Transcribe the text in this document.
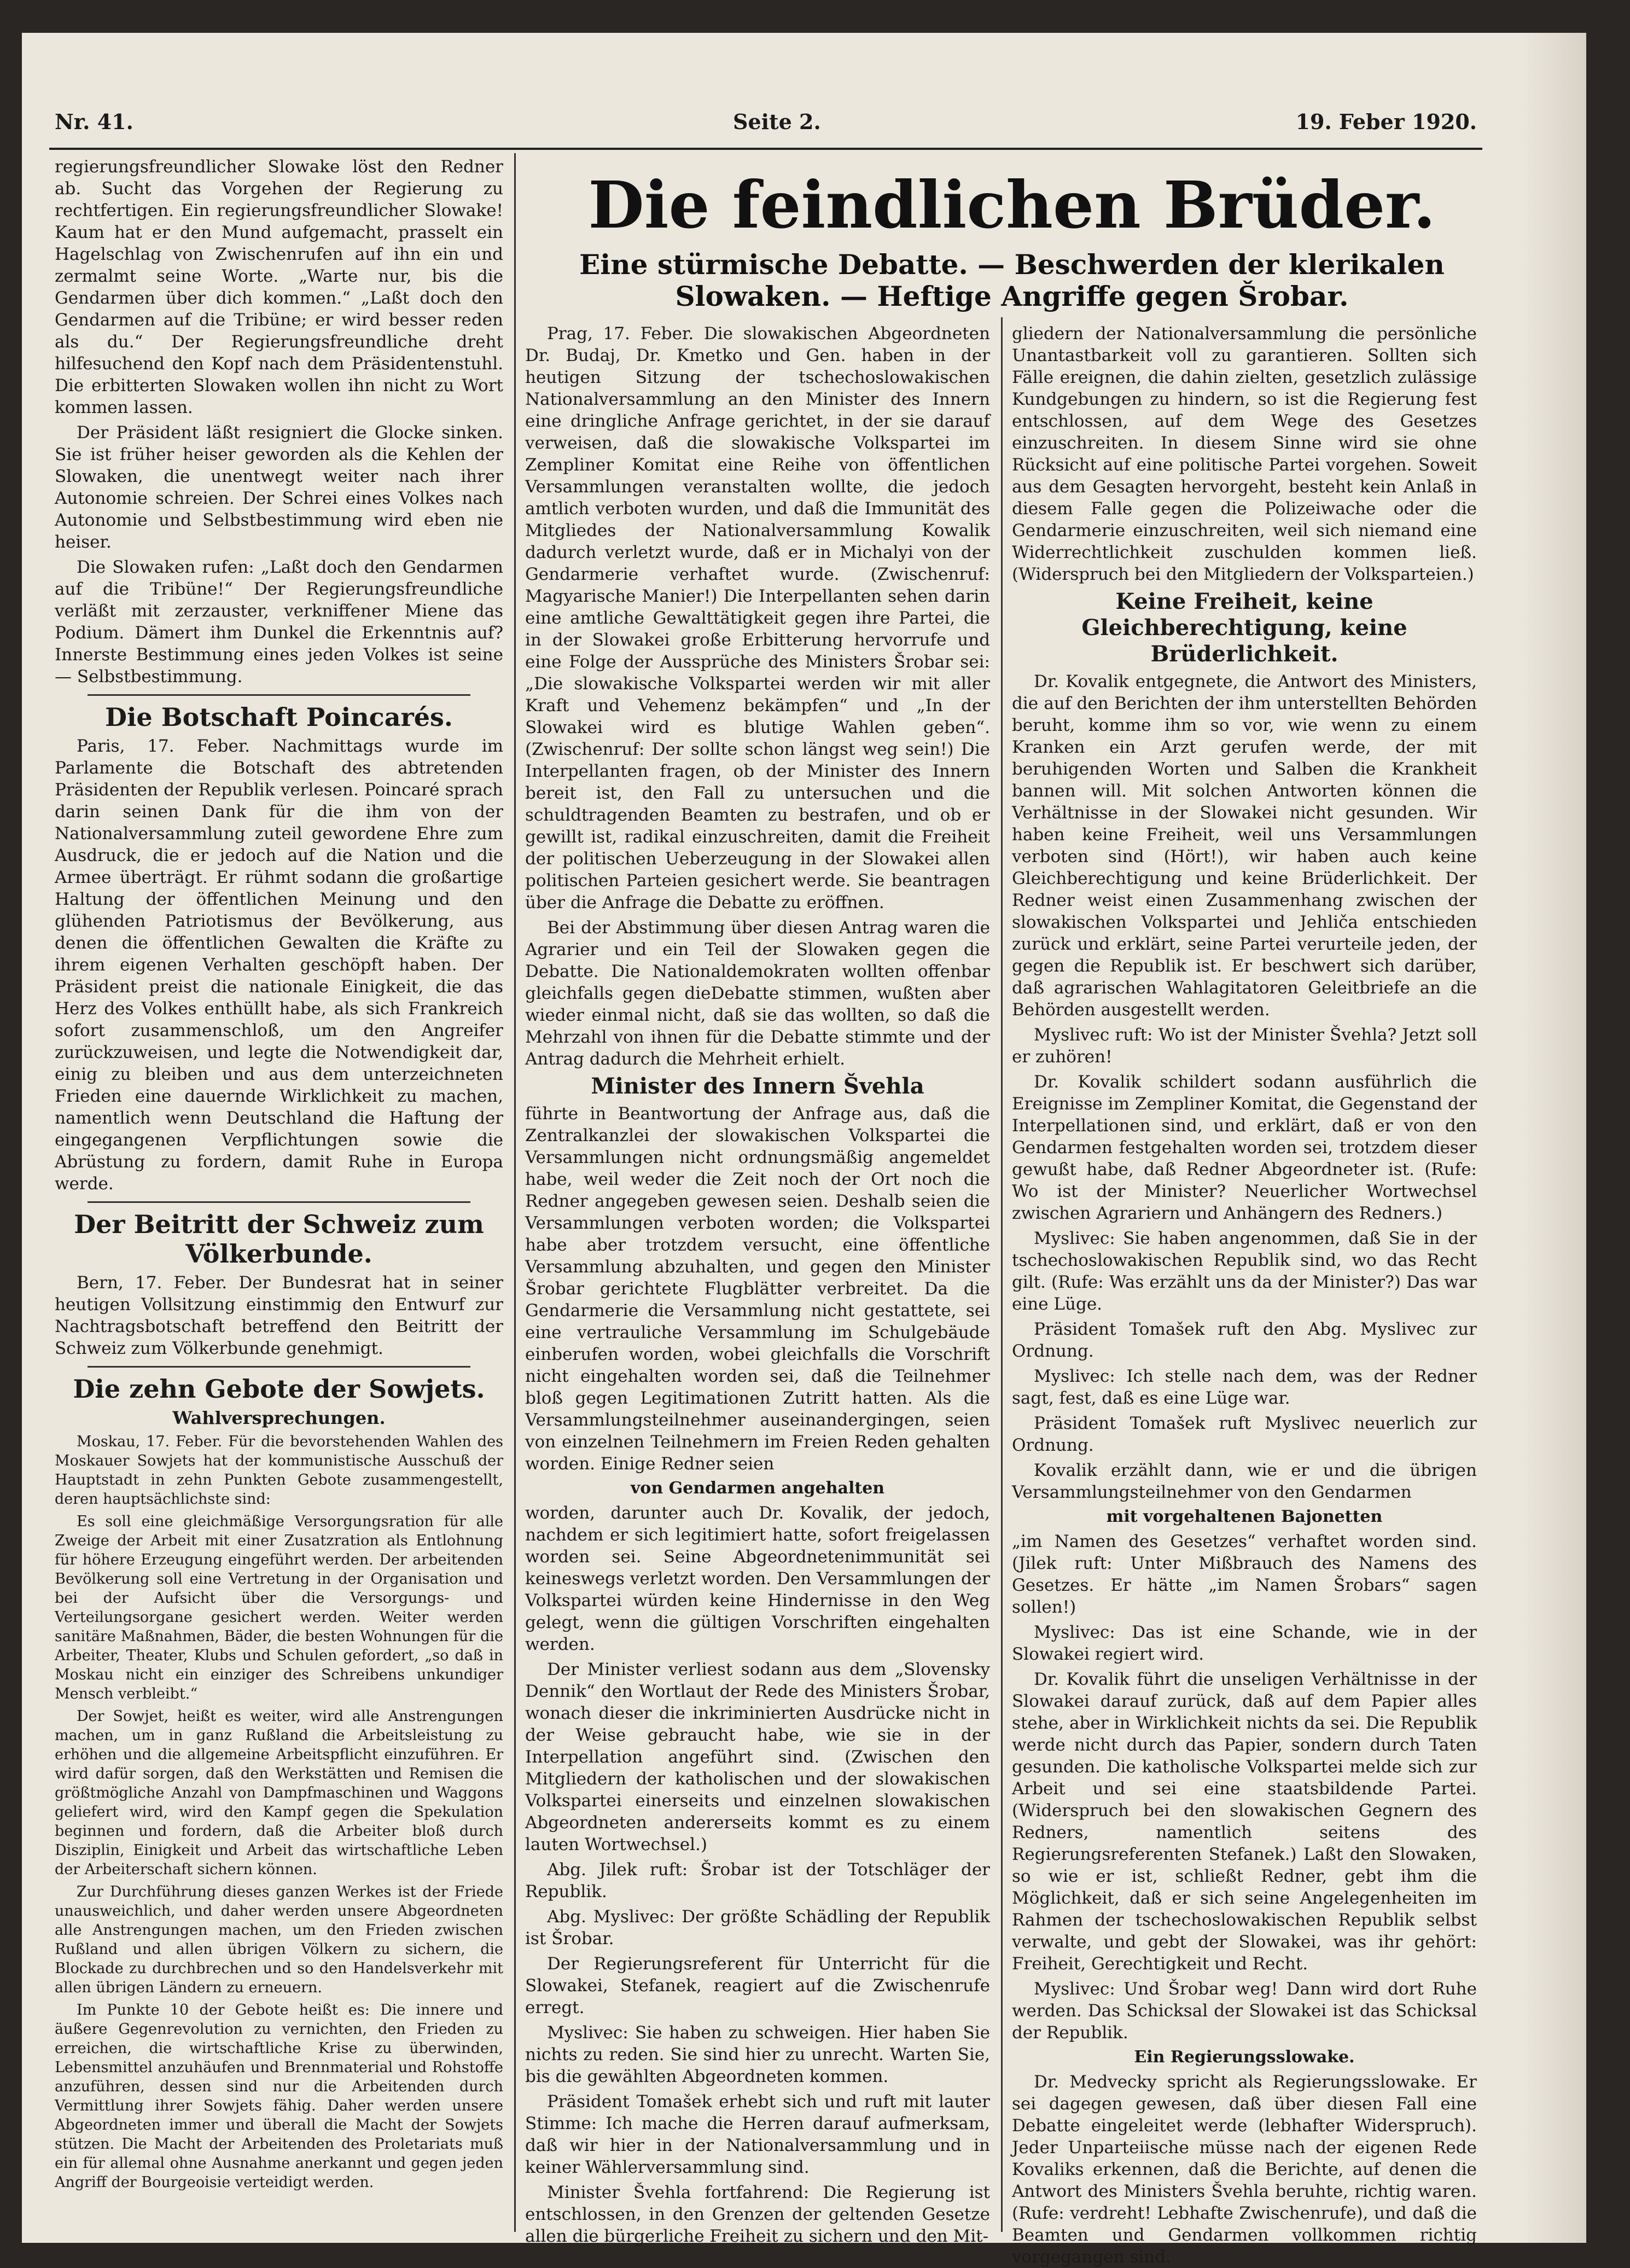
Nr. 41.	Seite 2.	19. Feber 1920.
Die feindlichen Brüder.
Eine stürmische Debatte. — Beschwerden der klerikalen Slowaken. — Heftige Angriffe gegen Šrobar.

regierungsfreundlicher Slowake löst den Redner ab. Sucht das Vorgehen der Regierung zu rechtfertigen. Ein regierungsfreundlicher Slowake! Kaum hat er den Mund aufgemacht, prasselt ein Hagelschlag von Zwischenrufen auf ihn ein und zermalmt seine Worte. „Warte nur, bis die Gendarmen über dich kommen.“ „Laßt doch den Gendarmen auf die Tribüne; er wird besser reden als du.“ Der Regierungsfreundliche dreht hilfesuchend den Kopf nach dem Präsidentenstuhl. Die erbitterten Slowaken wollen ihn nicht zu Wort kommen lassen.

Der Präsident läßt resigniert die Glocke sinken. Sie ist früher heiser geworden als die Kehlen der Slowaken, die unentwegt weiter nach ihrer Autonomie schreien. Der Schrei eines Volkes nach Autonomie und Selbstbestimmung wird eben nie heiser.

Die Slowaken rufen: „Laßt doch den Gendarmen auf die Tribüne!“ Der Regierungsfreundliche verläßt mit zerzauster, verkniffener Miene das Podium. Dämert ihm Dunkel die Erkenntnis auf? Innerste Bestimmung eines jeden Volkes ist seine — Selbstbestimmung.

Die Botschaft Poincarés.

Paris, 17. Feber. Nachmittags wurde im Parlamente die Botschaft des abtretenden Präsidenten der Republik verlesen. Poincaré sprach darin seinen Dank für die ihm von der Nationalversammlung zuteil gewordene Ehre zum Ausdruck, die er jedoch auf die Nation und die Armee überträgt. Er rühmt sodann die großartige Haltung der öffentlichen Meinung und den glühenden Patriotismus der Bevölkerung, aus denen die öffentlichen Gewalten die Kräfte zu ihrem eigenen Verhalten geschöpft haben. Der Präsident preist die nationale Einigkeit, die das Herz des Volkes enthüllt habe, als sich Frankreich sofort zusammenschloß, um den Angreifer zurückzuweisen, und legte die Notwendigkeit dar, einig zu bleiben und aus dem unterzeichneten Frieden eine dauernde Wirklichkeit zu machen, namentlich wenn Deutschland die Haftung der eingegangenen Verpflichtungen sowie die Abrüstung zu fordern, damit Ruhe in Europa werde.

Der Beitritt der Schweiz zum Völkerbunde.

Bern, 17. Feber. Der Bundesrat hat in seiner heutigen Vollsitzung einstimmig den Entwurf zur Nachtragsbotschaft betreffend den Beitritt der Schweiz zum Völkerbunde genehmigt.

Die zehn Gebote der Sowjets.

Wahlversprechungen.

Moskau, 17. Feber. Für die bevorstehenden Wahlen des Moskauer Sowjets hat der kommunistische Ausschuß der Hauptstadt in zehn Punkten Gebote zusammengestellt, deren hauptsächlichste sind:

Es soll eine gleichmäßige Versorgungsration für alle Zweige der Arbeit mit einer Zusatzration als Entlohnung für höhere Erzeugung eingeführt werden. Der arbeitenden Bevölkerung soll eine Vertretung in der Organisation und bei der Aufsicht über die Versorgungs- und Verteilungsorgane gesichert werden. Weiter werden sanitäre Maßnahmen, Bäder, die besten Wohnungen für die Arbeiter, Theater, Klubs und Schulen gefordert, „so daß in Moskau nicht ein einziger des Schreibens unkundiger Mensch verbleibt.“

Der Sowjet, heißt es weiter, wird alle Anstrengungen machen, um in ganz Rußland die Arbeitsleistung zu erhöhen und die allgemeine Arbeitspflicht einzuführen. Er wird dafür sorgen, daß den Werkstätten und Remisen die größtmögliche Anzahl von Dampfmaschinen und Waggons geliefert wird, wird den Kampf gegen die Spekulation beginnen und fordern, daß die Arbeiter bloß durch Disziplin, Einigkeit und Arbeit das wirtschaftliche Leben der Arbeiterschaft sichern können.

Zur Durchführung dieses ganzen Werkes ist der Friede unausweichlich, und daher werden unsere Abgeordneten alle Anstrengungen machen, um den Frieden zwischen Rußland und allen übrigen Völkern zu sichern, die Blockade zu durchbrechen und so den Handelsverkehr mit allen übrigen Ländern zu erneuern.

Im Punkte 10 der Gebote heißt es: Die innere und äußere Gegenrevolution zu vernichten, den Frieden zu erreichen, die wirtschaftliche Krise zu überwinden, Lebensmittel anzuhäufen und Brennmaterial und Rohstoffe anzuführen, dessen sind nur die Arbeitenden durch Vermittlung ihrer Sowjets fähig. Daher werden unsere Abgeordneten immer und überall die Macht der Sowjets stützen. Die Macht der Arbeitenden des Proletariats muß ein für allemal ohne Ausnahme anerkannt und gegen jeden Angriff der Bourgeoisie verteidigt werden.

Prag, 17. Feber. Die slowakischen Abgeordneten Dr. Budaj, Dr. Kmetko und Gen. haben in der heutigen Sitzung der tschechoslowakischen Nationalversammlung an den Minister des Innern eine dringliche Anfrage gerichtet, in der sie darauf verweisen, daß die slowakische Volkspartei im Zempliner Komitat eine Reihe von öffentlichen Versammlungen veranstalten wollte, die jedoch amtlich verboten wurden, und daß die Immunität des Mitgliedes der Nationalversammlung Kowalik dadurch verletzt wurde, daß er in Michalyi von der Gendarmerie verhaftet wurde. (Zwischenruf: Magyarische Manier!) Die Interpellanten sehen darin eine amtliche Gewalttätigkeit gegen ihre Partei, die in der Slowakei große Erbitterung hervorrufe und eine Folge der Aussprüche des Ministers Šrobar sei: „Die slowakische Volkspartei werden wir mit aller Kraft und Vehemenz bekämpfen“ und „In der Slowakei wird es blutige Wahlen geben“. (Zwischenruf: Der sollte schon längst weg sein!) Die Interpellanten fragen, ob der Minister des Innern bereit ist, den Fall zu untersuchen und die schuldtragenden Beamten zu bestrafen, und ob er gewillt ist, radikal einzuschreiten, damit die Freiheit der politischen Ueberzeugung in der Slowakei allen politischen Parteien gesichert werde. Sie beantragen über die Anfrage die Debatte zu eröffnen.

Bei der Abstimmung über diesen Antrag waren die Agrarier und ein Teil der Slowaken gegen die Debatte. Die Nationaldemokraten wollten offenbar gleichfalls gegen dieDebatte stimmen, wußten aber wieder einmal nicht, daß sie das wollten, so daß die Mehrzahl von ihnen für die Debatte stimmte und der Antrag dadurch die Mehrheit erhielt.

Minister des Innern Švehla

führte in Beantwortung der Anfrage aus, daß die Zentralkanzlei der slowakischen Volkspartei die Versammlungen nicht ordnungsmäßig angemeldet habe, weil weder die Zeit noch der Ort noch die Redner angegeben gewesen seien. Deshalb seien die Versammlungen verboten worden; die Volkspartei habe aber trotzdem versucht, eine öffentliche Versammlung abzuhalten, und gegen den Minister Šrobar gerichtete Flugblätter verbreitet. Da die Gendarmerie die Versammlung nicht gestattete, sei eine vertrauliche Versammlung im Schulgebäude einberufen worden, wobei gleichfalls die Vorschrift nicht eingehalten worden sei, daß die Teilnehmer bloß gegen Legitimationen Zutritt hatten. Als die Versammlungsteilnehmer auseinandergingen, seien von einzelnen Teilnehmern im Freien Reden gehalten worden. Einige Redner seien

von Gendarmen angehalten

worden, darunter auch Dr. Kovalik, der jedoch, nachdem er sich legitimiert hatte, sofort freigelassen worden sei. Seine Abgeordnetenimmunität sei keineswegs verletzt worden. Den Versammlungen der Volkspartei würden keine Hindernisse in den Weg gelegt, wenn die gültigen Vorschriften eingehalten werden.

Der Minister verliest sodann aus dem „Slovensky Dennik“ den Wortlaut der Rede des Ministers Šrobar, wonach dieser die inkriminierten Ausdrücke nicht in der Weise gebraucht habe, wie sie in der Interpellation angeführt sind. (Zwischen den Mitgliedern der katholischen und der slowakischen Volkspartei einerseits und einzelnen slowakischen Abgeordneten andererseits kommt es zu einem lauten Wortwechsel.)

Abg. Jilek ruft: Šrobar ist der Totschläger der Republik.

Abg. Myslivec: Der größte Schädling der Republik ist Šrobar.

Der Regierungsreferent für Unterricht für die Slowakei, Stefanek, reagiert auf die Zwischenrufe erregt.

Myslivec: Sie haben zu schweigen. Hier haben Sie nichts zu reden. Sie sind hier zu unrecht. Warten Sie, bis die gewählten Abgeordneten kommen.

Präsident Tomašek erhebt sich und ruft mit lauter Stimme: Ich mache die Herren darauf aufmerksam, daß wir hier in der Nationalversammlung und in keiner Wählerversammlung sind.

Minister Švehla fortfahrend: Die Regierung ist entschlossen, in den Grenzen der geltenden Gesetze allen die bürgerliche Freiheit zu sichern und den Mit-

gliedern der Nationalversammlung die persönliche Unantastbarkeit voll zu garantieren. Sollten sich Fälle ereignen, die dahin zielten, gesetzlich zulässige Kundgebungen zu hindern, so ist die Regierung fest entschlossen, auf dem Wege des Gesetzes einzuschreiten. In diesem Sinne wird sie ohne Rücksicht auf eine politische Partei vorgehen. Soweit aus dem Gesagten hervorgeht, besteht kein Anlaß in diesem Falle gegen die Polizeiwache oder die Gendarmerie einzuschreiten, weil sich niemand eine Widerrechtlichkeit zuschulden kommen ließ. (Widerspruch bei den Mitgliedern der Volksparteien.)

Keine Freiheit, keine Gleichberechtigung, keine Brüderlichkeit.

Dr. Kovalik entgegnete, die Antwort des Ministers, die auf den Berichten der ihm unterstellten Behörden beruht, komme ihm so vor, wie wenn zu einem Kranken ein Arzt gerufen werde, der mit beruhigenden Worten und Salben die Krankheit bannen will. Mit solchen Antworten können die Verhältnisse in der Slowakei nicht gesunden. Wir haben keine Freiheit, weil uns Versammlungen verboten sind (Hört!), wir haben auch keine Gleichberechtigung und keine Brüderlichkeit. Der Redner weist einen Zusammenhang zwischen der slowakischen Volkspartei und Jehliča entschieden zurück und erklärt, seine Partei verurteile jeden, der gegen die Republik ist. Er beschwert sich darüber, daß agrarischen Wahlagitatoren Geleitbriefe an die Behörden ausgestellt werden.

Myslivec ruft: Wo ist der Minister Švehla? Jetzt soll er zuhören!

Dr. Kovalik schildert sodann ausführlich die Ereignisse im Zempliner Komitat, die Gegenstand der Interpellationen sind, und erklärt, daß er von den Gendarmen festgehalten worden sei, trotzdem dieser gewußt habe, daß Redner Abgeordneter ist. (Rufe: Wo ist der Minister? Neuerlicher Wortwechsel zwischen Agrariern und Anhängern des Redners.)

Myslivec: Sie haben angenommen, daß Sie in der tschechoslowakischen Republik sind, wo das Recht gilt. (Rufe: Was erzählt uns da der Minister?) Das war eine Lüge.

Präsident Tomašek ruft den Abg. Myslivec zur Ordnung.

Myslivec: Ich stelle nach dem, was der Redner sagt, fest, daß es eine Lüge war.

Präsident Tomašek ruft Myslivec neuerlich zur Ordnung.

Kovalik erzählt dann, wie er und die übrigen Versammlungsteilnehmer von den Gendarmen

mit vorgehaltenen Bajonetten

„im Namen des Gesetzes“ verhaftet worden sind. (Jilek ruft: Unter Mißbrauch des Namens des Gesetzes. Er hätte „im Namen Šrobars“ sagen sollen!)

Myslivec: Das ist eine Schande, wie in der Slowakei regiert wird.

Dr. Kovalik führt die unseligen Verhältnisse in der Slowakei darauf zurück, daß auf dem Papier alles stehe, aber in Wirklichkeit nichts da sei. Die Republik werde nicht durch das Papier, sondern durch Taten gesunden. Die katholische Volkspartei melde sich zur Arbeit und sei eine staatsbildende Partei. (Widerspruch bei den slowakischen Gegnern des Redners, namentlich seitens des Regierungsreferenten Stefanek.) Laßt den Slowaken, so wie er ist, schließt Redner, gebt ihm die Möglichkeit, daß er sich seine Angelegenheiten im Rahmen der tschechoslowakischen Republik selbst verwalte, und gebt der Slowakei, was ihr gehört: Freiheit, Gerechtigkeit und Recht.

Myslivec: Und Šrobar weg! Dann wird dort Ruhe werden. Das Schicksal der Slowakei ist das Schicksal der Republik.

Ein Regierungsslowake.

Dr. Medvecky spricht als Regierungsslowake. Er sei dagegen gewesen, daß über diesen Fall eine Debatte eingeleitet werde (lebhafter Widerspruch). Jeder Unparteiische müsse nach der eigenen Rede Kovaliks erkennen, daß die Berichte, auf denen die Antwort des Ministers Švehla beruhte, richtig waren. (Rufe: verdreht! Lebhafte Zwischenrufe), und daß die Beamten und Gendarmen vollkommen richtig vorgegangen sind.
